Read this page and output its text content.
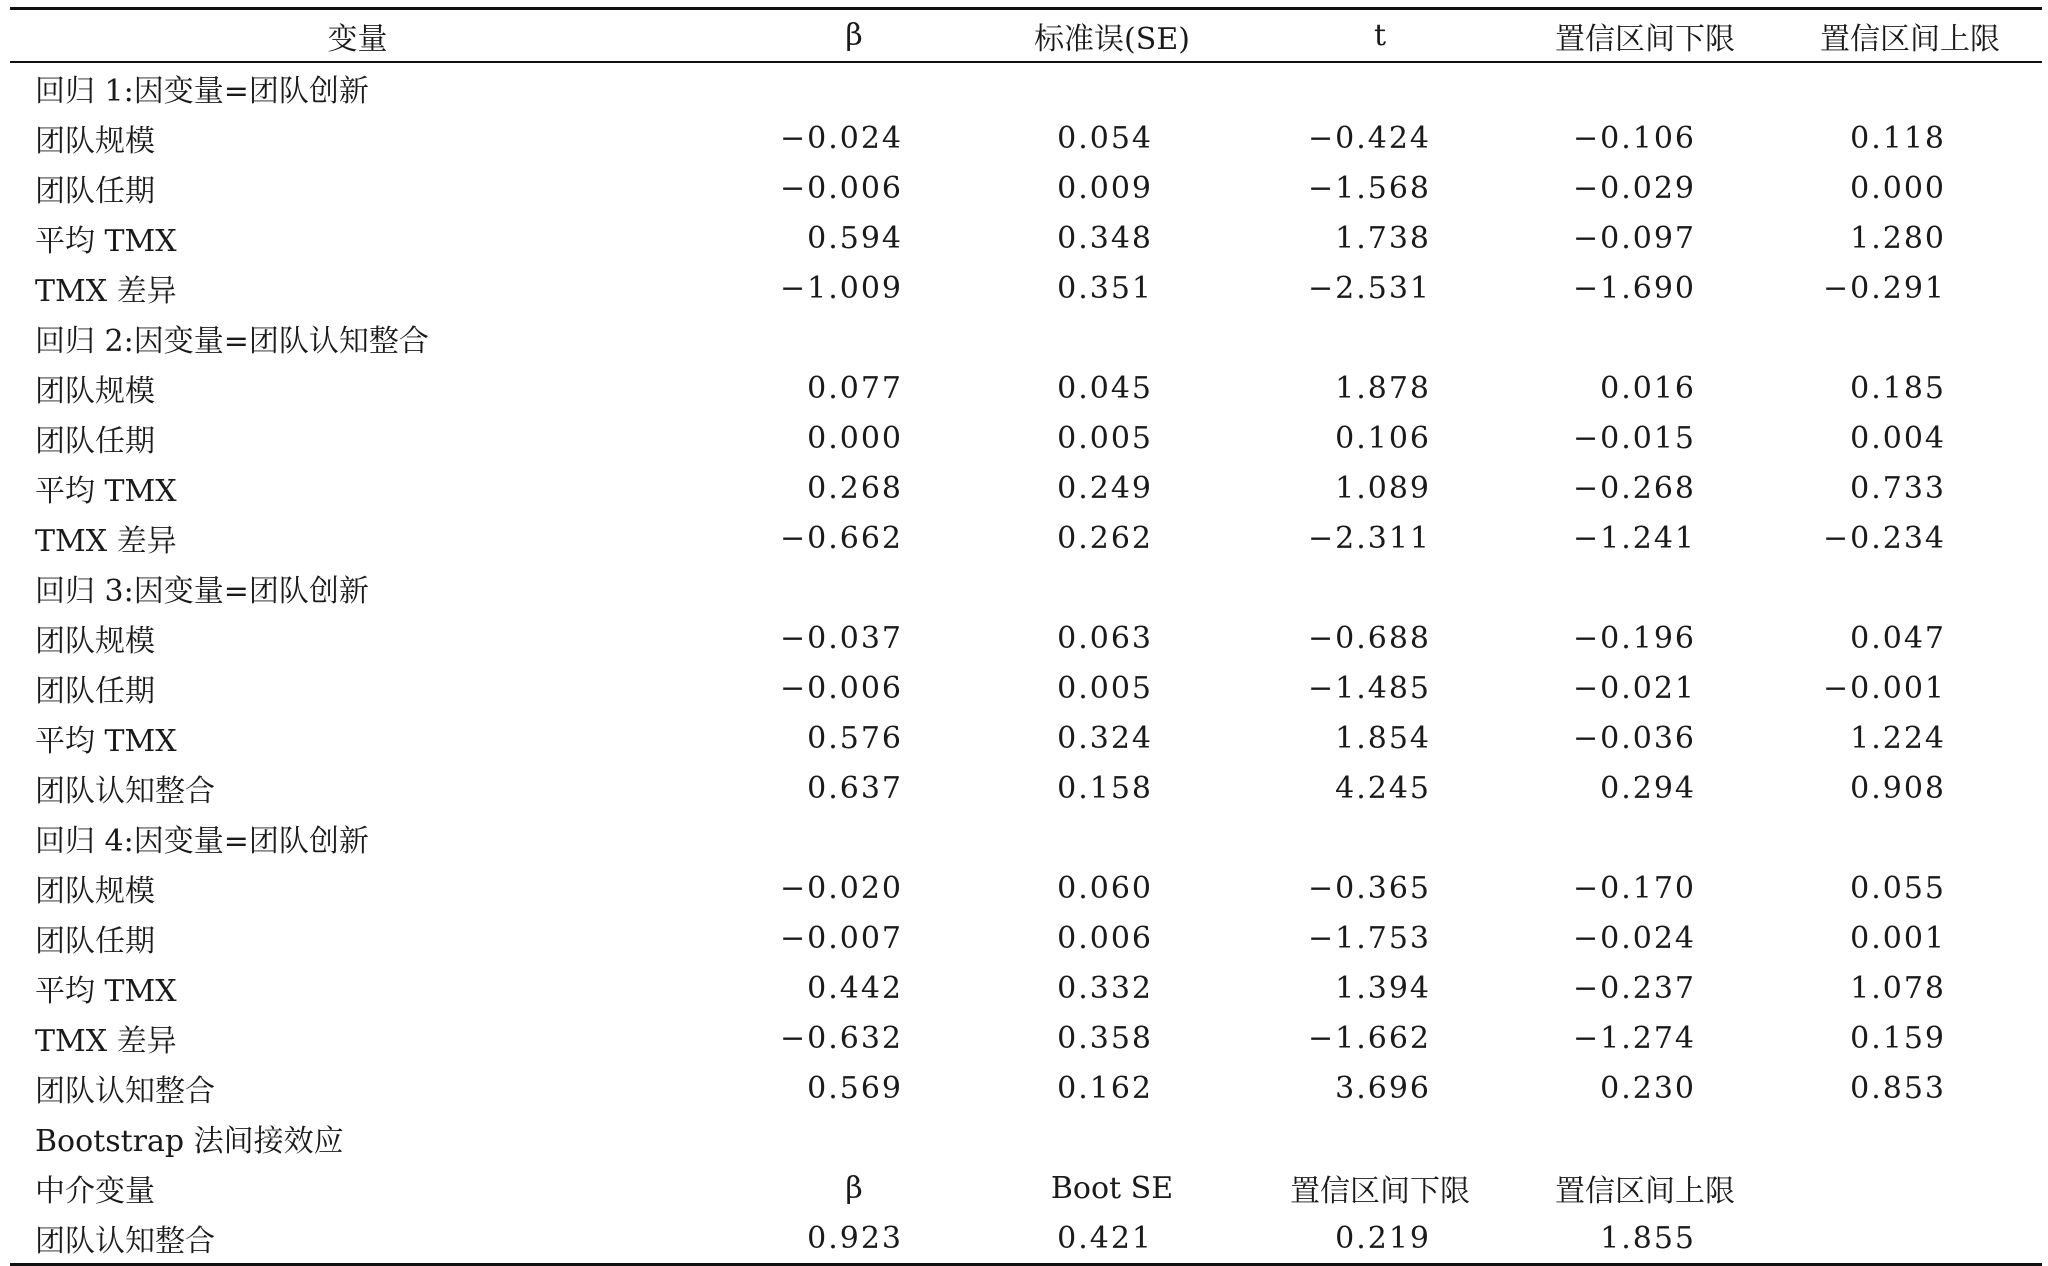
变量	β	标准误(SE)	t	置信区间下限	置信区间上限
回归 1:因变量=团队创新
团队规模	−0.024	0.054	−0.424	−0.106	0.118
团队任期	−0.006	0.009	−1.568	−0.029	0.000
平均 TMX	0.594	0.348	1.738	−0.097	1.280
TMX 差异	−1.009	0.351	−2.531	−1.690	−0.291
回归 2:因变量=团队认知整合
团队规模	0.077	0.045	1.878	0.016	0.185
团队任期	0.000	0.005	0.106	−0.015	0.004
平均 TMX	0.268	0.249	1.089	−0.268	0.733
TMX 差异	−0.662	0.262	−2.311	−1.241	−0.234
回归 3:因变量=团队创新
团队规模	−0.037	0.063	−0.688	−0.196	0.047
团队任期	−0.006	0.005	−1.485	−0.021	−0.001
平均 TMX	0.576	0.324	1.854	−0.036	1.224
团队认知整合	0.637	0.158	4.245	0.294	0.908
回归 4:因变量=团队创新
团队规模	−0.020	0.060	−0.365	−0.170	0.055
团队任期	−0.007	0.006	−1.753	−0.024	0.001
平均 TMX	0.442	0.332	1.394	−0.237	1.078
TMX 差异	−0.632	0.358	−1.662	−1.274	0.159
团队认知整合	0.569	0.162	3.696	0.230	0.853
Bootstrap 法间接效应
中介变量	β	Boot SE	置信区间下限	置信区间上限
团队认知整合	0.923	0.421	0.219	1.855
